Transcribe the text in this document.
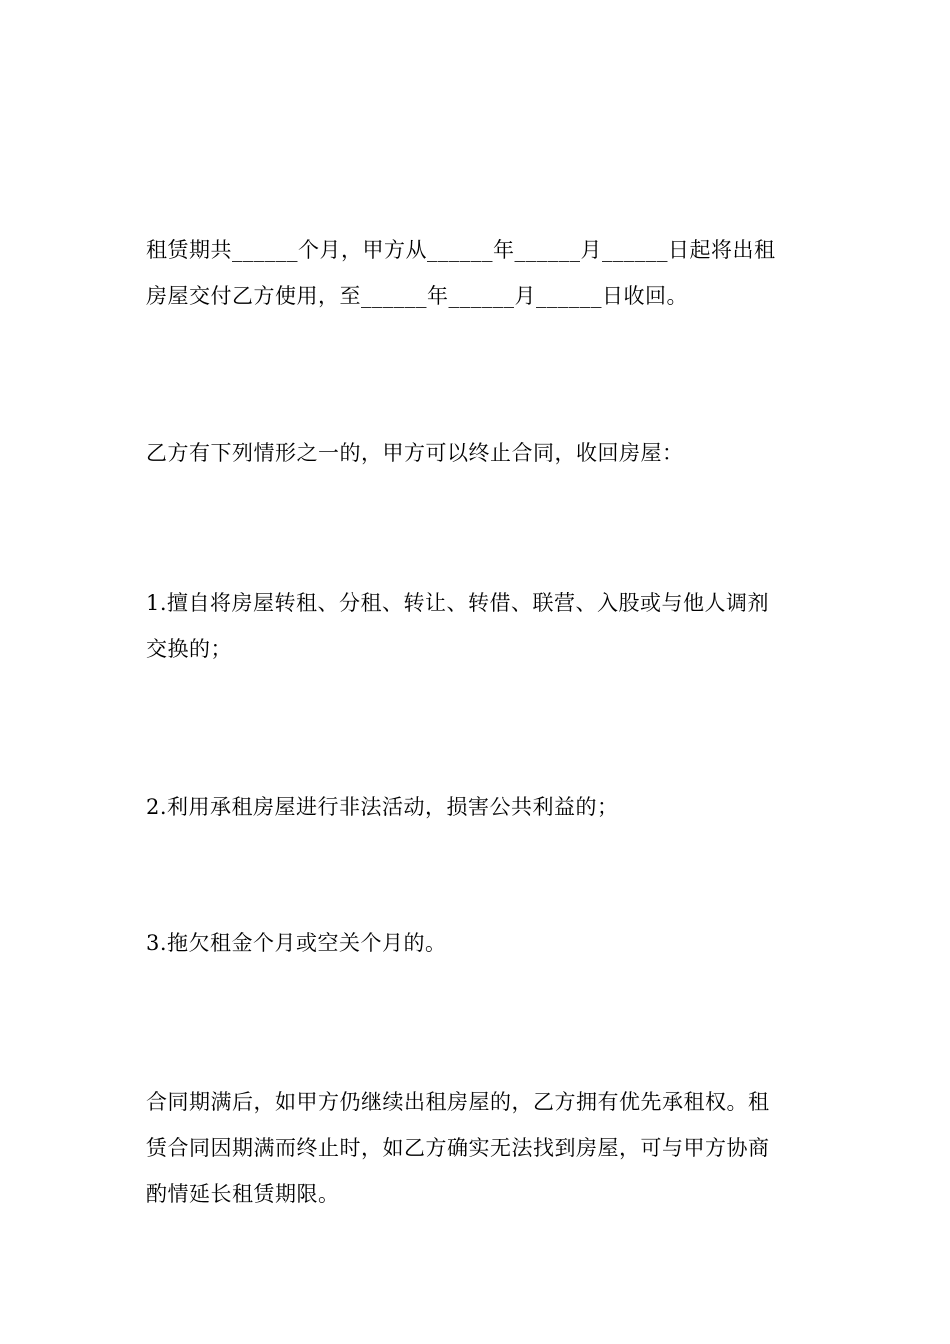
租赁期共______个月，甲方从______年______月______日起将出租
房屋交付乙方使用，至______年______月______日收回。

乙方有下列情形之一的，甲方可以终止合同，收回房屋：

1.擅自将房屋转租、分租、转让、转借、联营、入股或与他人调剂
交换的；

2.利用承租房屋进行非法活动，损害公共利益的；

3.拖欠租金个月或空关个月的。

合同期满后，如甲方仍继续出租房屋的，乙方拥有优先承租权。租
赁合同因期满而终止时，如乙方确实无法找到房屋，可与甲方协商
酌情延长租赁期限。
